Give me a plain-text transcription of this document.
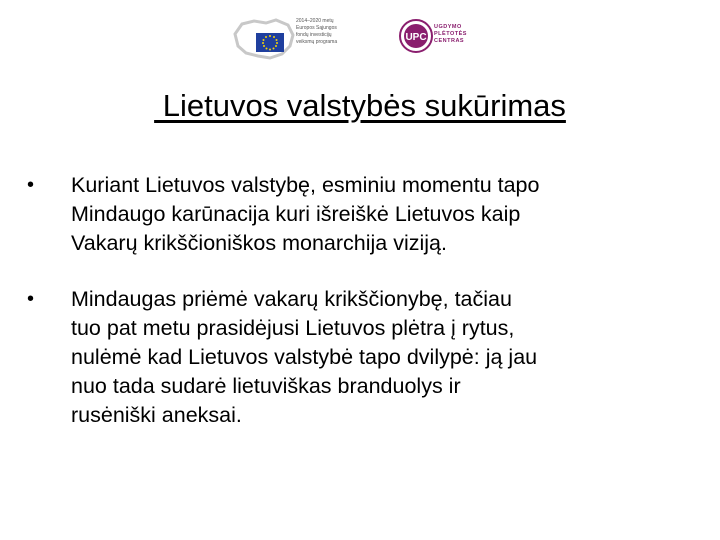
2014–2020 metų
Europos Sąjungos
fondų investicijų
veiksmų programa	UPC
UGDYMO
PLĖTOTĖS
CENTRAS
Lietuvos valstybės sukūrimas
•	Kuriant Lietuvos valstybę, esminiu momentu tapo
Mindaugo karūnacija kuri išreiškė Lietuvos kaip
Vakarų krikščioniškos monarchija viziją.
•	Mindaugas priėmė vakarų krikščionybę, tačiau
tuo pat metu prasidėjusi Lietuvos plėtra į rytus,
nulėmė kad Lietuvos valstybė tapo dvilypė: ją jau
nuo tada sudarė lietuviškas branduolys ir
rusėniški aneksai.
